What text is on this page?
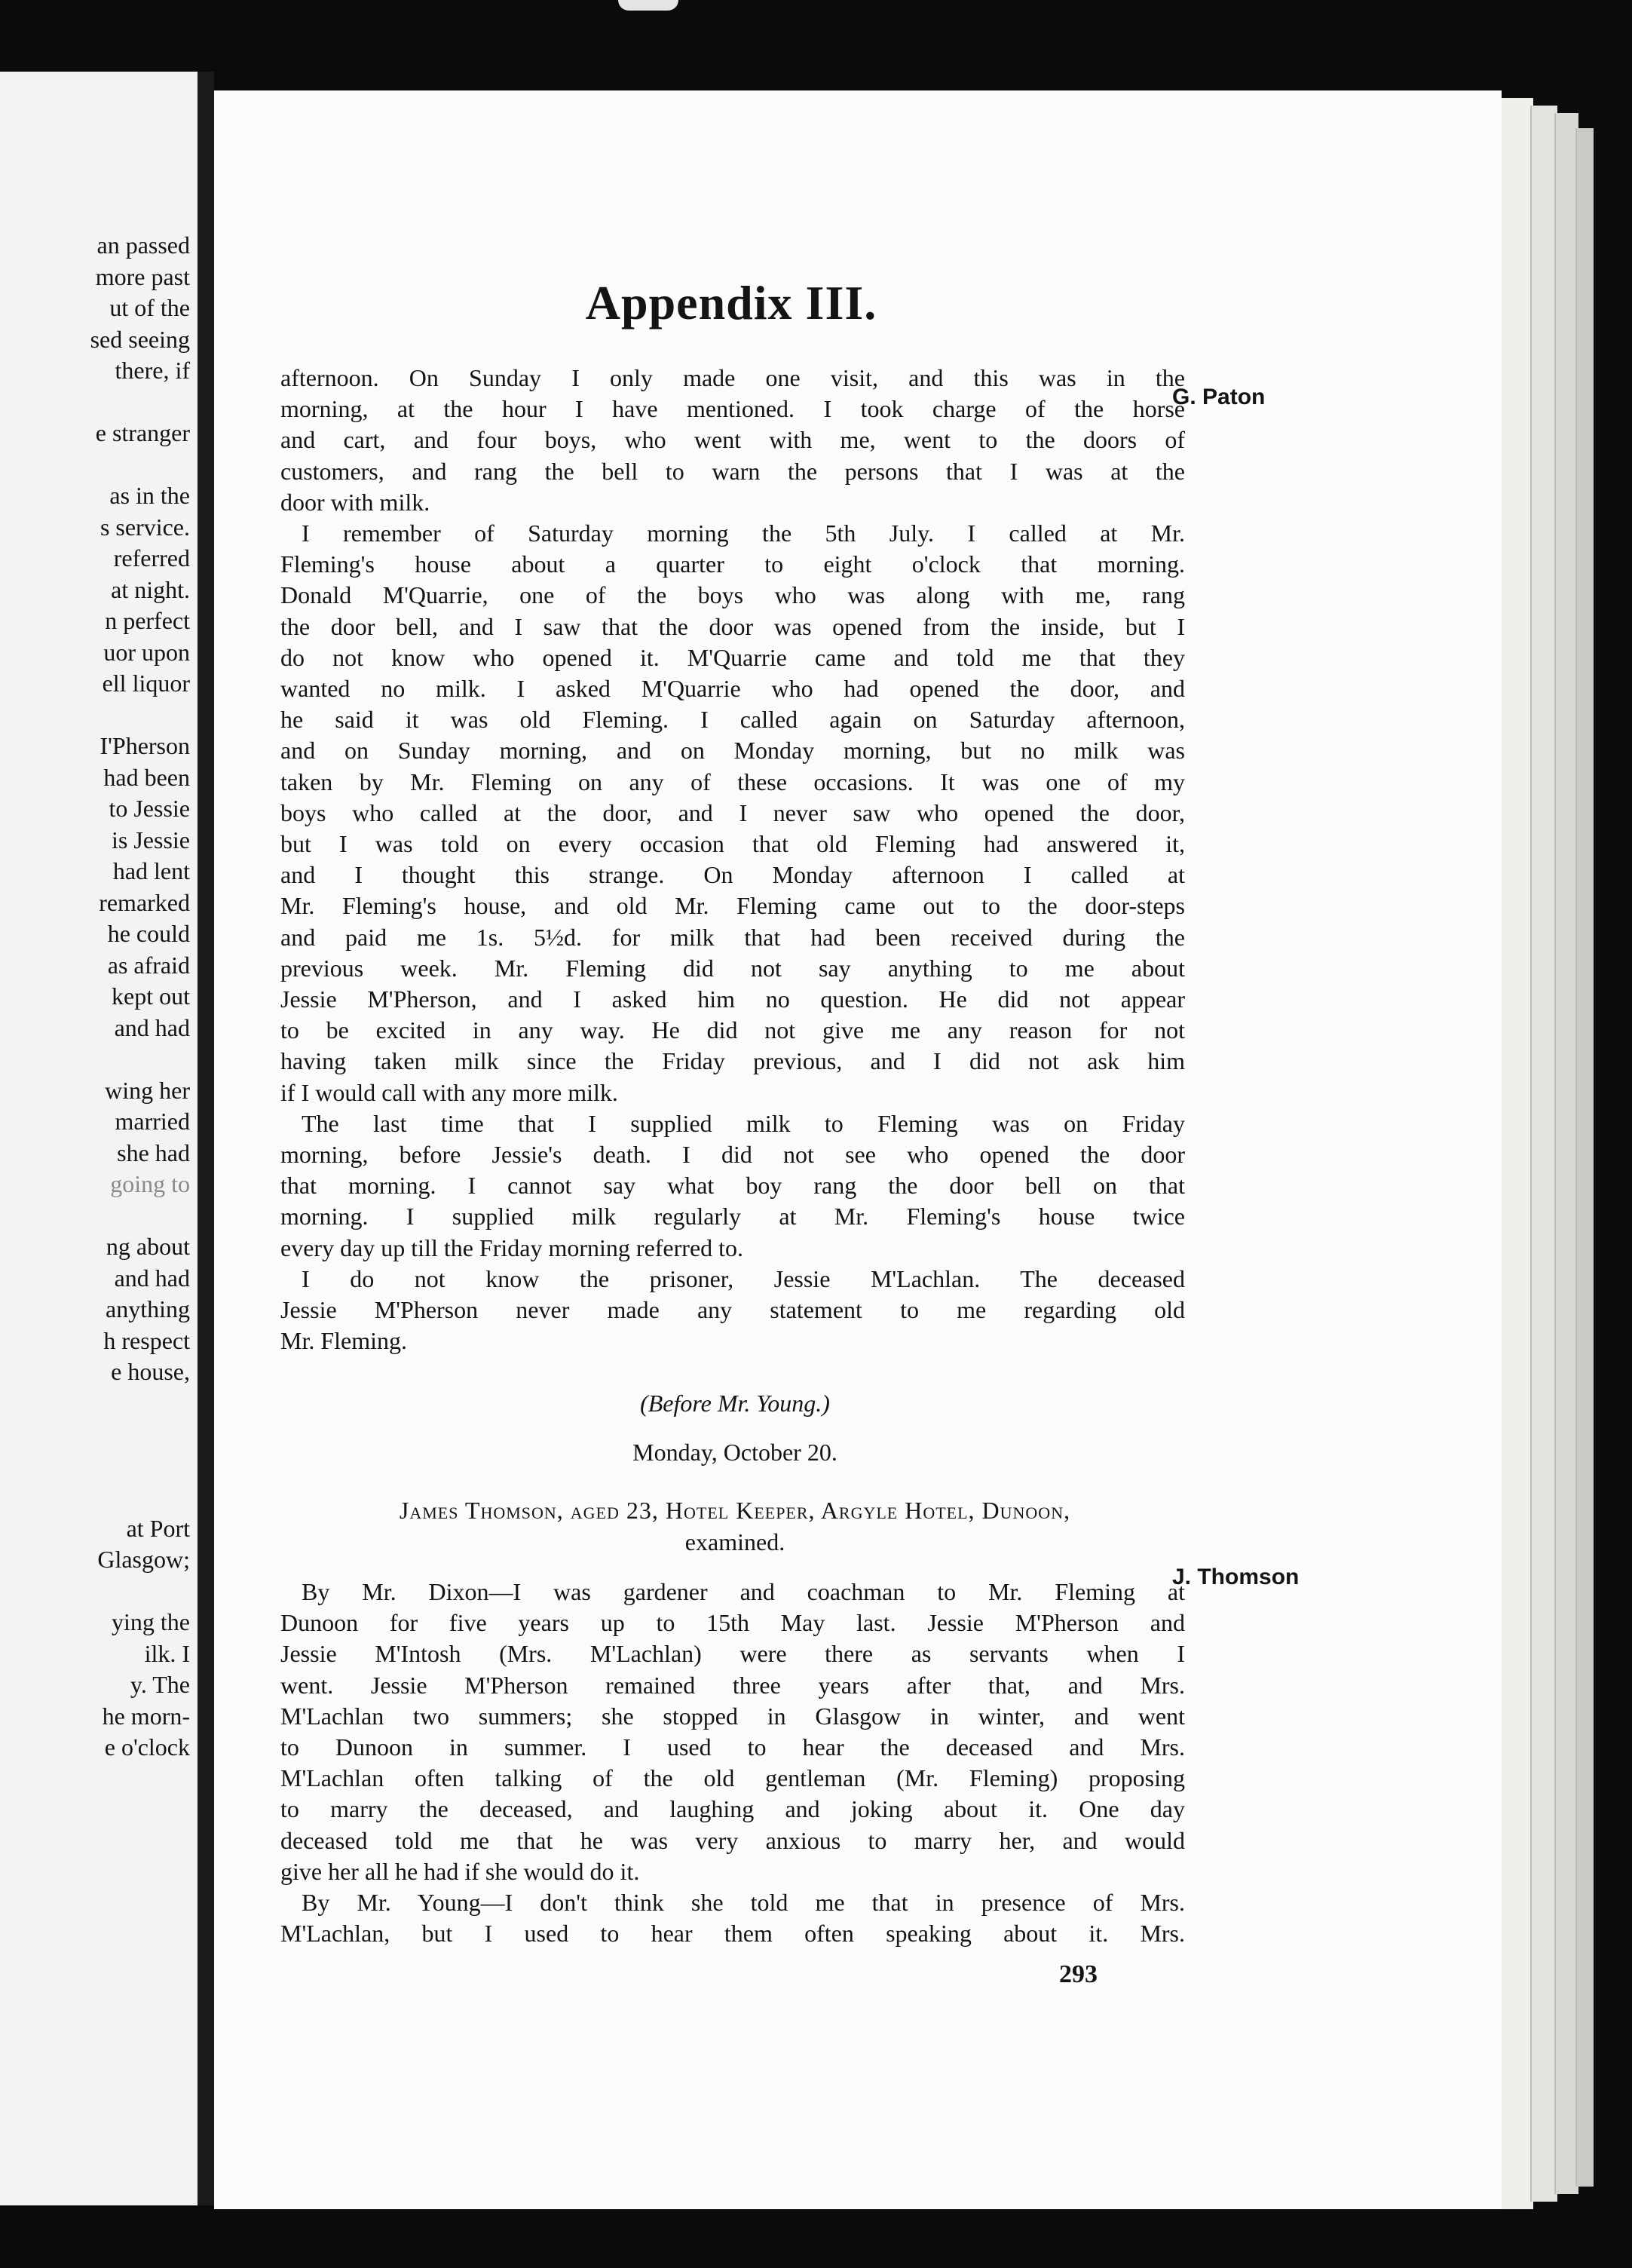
an passed
more past
ut of the
sed seeing
there, if
e stranger
as in the
s service.
referred
at night.
n perfect
uor upon
ell liquor
I'Pherson
had been
to Jessie
is Jessie
had lent
remarked
he could
as afraid
kept out
and had
wing her
married
she had
going to
ng about
and had
anything
h respect
e house,
at Port
Glasgow;
ying the
ilk. I
y. The
he morn-
e o'clock
Appendix III.
G. Paton
J. Thomson
afternoon. On Sunday I only made one visit, and this was in the
morning, at the hour I have mentioned. I took charge of the horse
and cart, and four boys, who went with me, went to the doors of
customers, and rang the bell to warn the persons that I was at the
door with milk.
I remember of Saturday morning the 5th July. I called at Mr.
Fleming's house about a quarter to eight o'clock that morning.
Donald M'Quarrie, one of the boys who was along with me, rang
the door bell, and I saw that the door was opened from the inside, but I
do not know who opened it. M'Quarrie came and told me that they
wanted no milk. I asked M'Quarrie who had opened the door, and
he said it was old Fleming. I called again on Saturday afternoon,
and on Sunday morning, and on Monday morning, but no milk was
taken by Mr. Fleming on any of these occasions. It was one of my
boys who called at the door, and I never saw who opened the door,
but I was told on every occasion that old Fleming had answered it,
and I thought this strange. On Monday afternoon I called at
Mr. Fleming's house, and old Mr. Fleming came out to the door-steps
and paid me 1s. 5½d. for milk that had been received during the
previous week. Mr. Fleming did not say anything to me about
Jessie M'Pherson, and I asked him no question. He did not appear
to be excited in any way. He did not give me any reason for not
having taken milk since the Friday previous, and I did not ask him
if I would call with any more milk.
The last time that I supplied milk to Fleming was on Friday
morning, before Jessie's death. I did not see who opened the door
that morning. I cannot say what boy rang the door bell on that
morning. I supplied milk regularly at Mr. Fleming's house twice
every day up till the Friday morning referred to.
I do not know the prisoner, Jessie M'Lachlan. The deceased
Jessie M'Pherson never made any statement to me regarding old
Mr. Fleming.
By Mr. Dixon—I was gardener and coachman to Mr. Fleming at
Dunoon for five years up to 15th May last. Jessie M'Pherson and
Jessie M'Intosh (Mrs. M'Lachlan) were there as servants when I
went. Jessie M'Pherson remained three years after that, and Mrs.
M'Lachlan two summers; she stopped in Glasgow in winter, and went
to Dunoon in summer. I used to hear the deceased and Mrs.
M'Lachlan often talking of the old gentleman (Mr. Fleming) proposing
to marry the deceased, and laughing and joking about it. One day
deceased told me that he was very anxious to marry her, and would
give her all he had if she would do it.
By Mr. Young—I don't think she told me that in presence of Mrs.
M'Lachlan, but I used to hear them often speaking about it. Mrs.
(Before Mr. Young.)
Monday, October 20.
James Thomson, aged 23, Hotel Keeper, Argyle Hotel, Dunoon,
examined.
293
